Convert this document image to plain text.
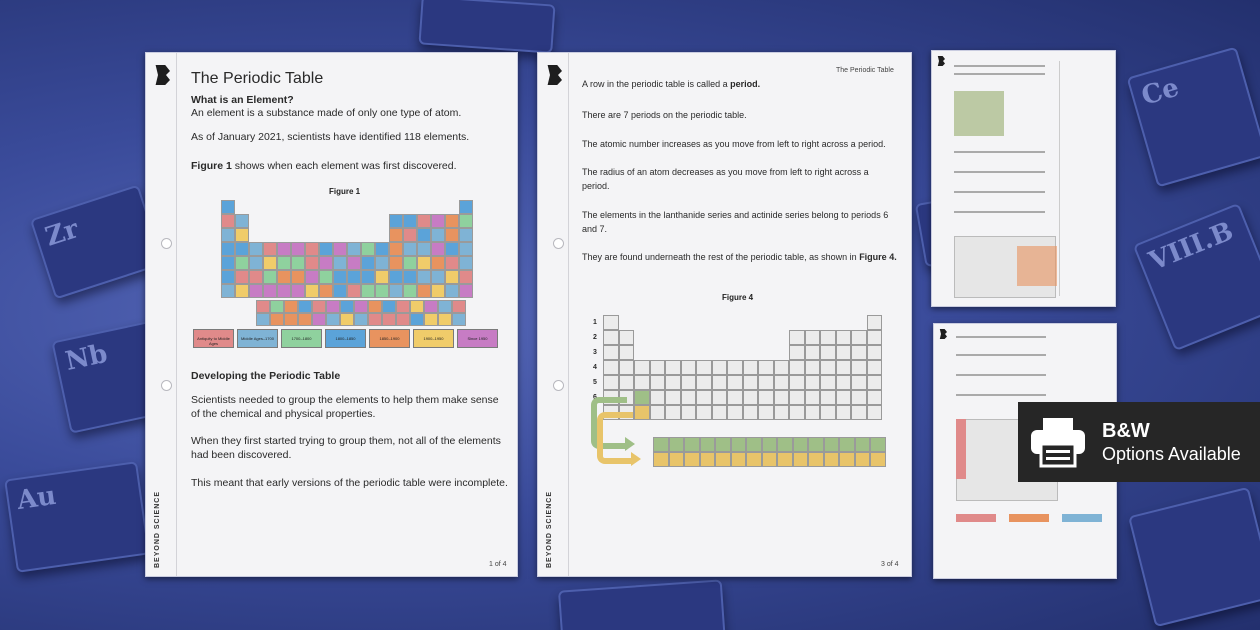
Zr
Nb
Au
Ce
VIII.B
BEYOND SCIENCE
The Periodic Table
What is an Element?
An element is a substance made of only one type of atom.
As of January 2021, scientists have identified 118 elements.
Figure 1 shows when each element was first discovered.
Figure 1
Antiquity to Middle Ages
Middle Ages–1700	1700–1800	1800–1850	1850–1900	1900–1950	Since 1950
Developing the Periodic Table
Scientists needed to group the elements to help them make sense of the chemical and physical properties.
When they first started trying to group them, not all of the elements had been discovered.
This meant that early versions of the periodic table were incomplete.
1 of 4	BEYOND SCIENCE
The Periodic Table
A row in the periodic table is called a period.
There are 7 periods on the periodic table.
The atomic number increases as you move from left to right across a period.
The radius of an atom decreases as you move from left to right across a period.
The elements in the lanthanide series and actinide series belong to periods 6 and 7.
They are found underneath the rest of the periodic table, as shown in Figure 4.
Figure 4
1
2
3
4
5
6
7
3 of 4
B&W
Options Available
